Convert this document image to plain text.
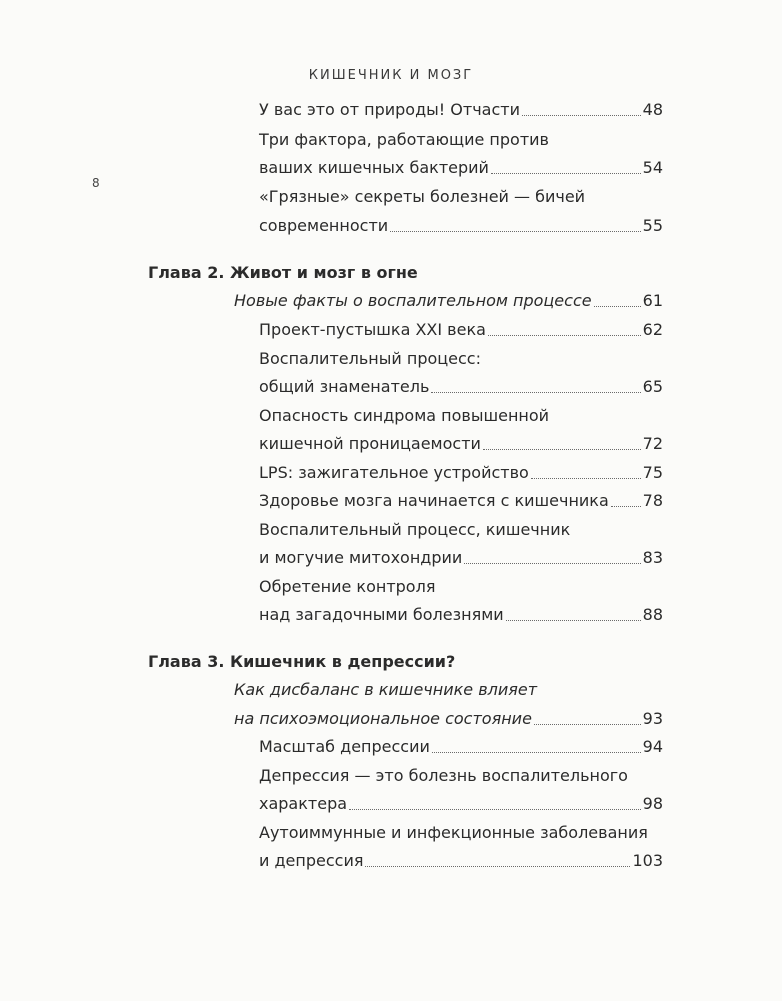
КИШЕЧНИК И МОЗГ
8
У вас это от природы! Отчасти	48
Три фактора, работающие против
ваших кишечных бактерий	54
«Грязные» секреты болезней — бичей
современности	55
Глава 2. Живот и мозг в огне
Новые факты о воспалительном процессе	61
Проект-пустышка XXI века	62
Воспалительный процесс:
общий знаменатель	65
Опасность синдрома повышенной
кишечной проницаемости	72
LPS: зажигательное устройство	75
Здоровье мозга начинается с кишечника 78
Воспалительный процесс, кишечник
и могучие митохондрии	83
Обретение контроля
над загадочными болезнями	88
Глава 3. Кишечник в депрессии?
Как дисбаланс в кишечнике влияет
на психоэмоциональное состояние	93
Масштаб депрессии	94
Депрессия — это болезнь воспалительного
характера	98
Аутоиммунные и инфекционные заболевания
и депрессия	103
